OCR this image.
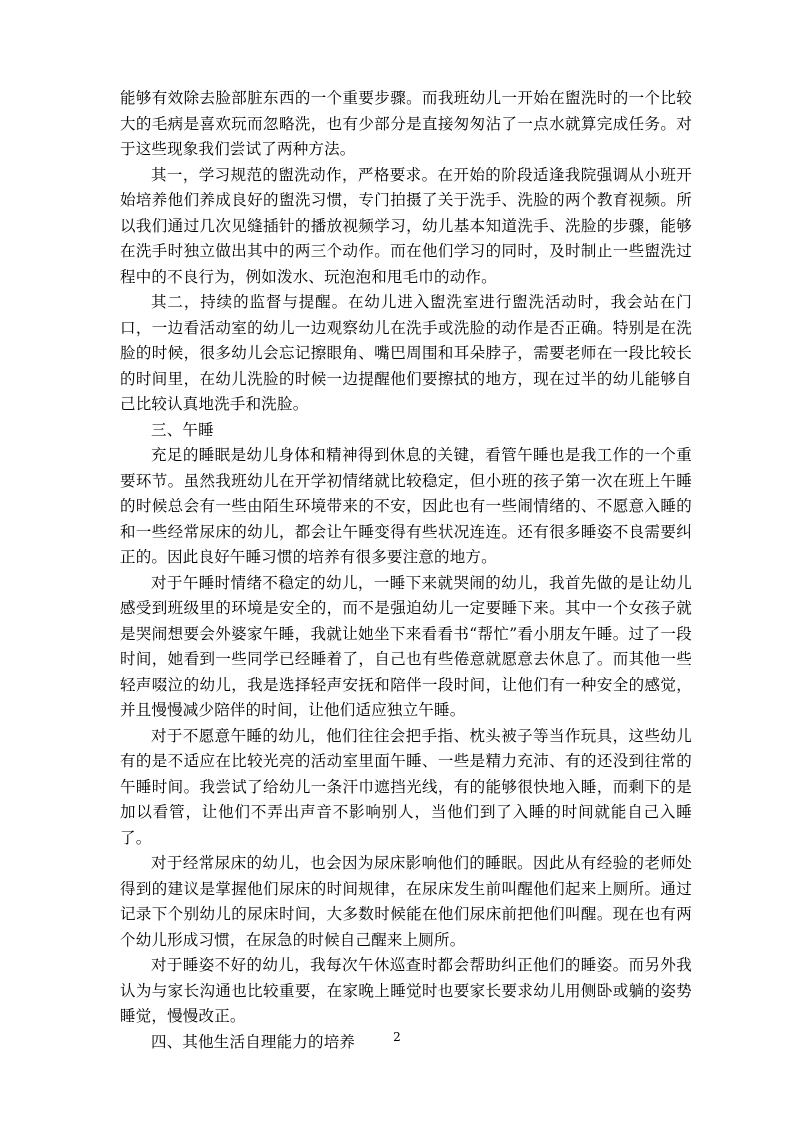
能够有效除去脸部脏东西的一个重要步骤。而我班幼儿一开始在盥洗时的一个比较大的毛病是喜欢玩而忽略洗，也有少部分是直接匆匆沾了一点水就算完成任务。对于这些现象我们尝试了两种方法。

其一，学习规范的盥洗动作，严格要求。在开始的阶段适逢我院强调从小班开始培养他们养成良好的盥洗习惯，专门拍摄了关于洗手、洗脸的两个教育视频。所以我们通过几次见缝插针的播放视频学习，幼儿基本知道洗手、洗脸的步骤，能够在洗手时独立做出其中的两三个动作。而在他们学习的同时，及时制止一些盥洗过程中的不良行为，例如泼水、玩泡泡和甩毛巾的动作。

其二，持续的监督与提醒。在幼儿进入盥洗室进行盥洗活动时，我会站在门口，一边看活动室的幼儿一边观察幼儿在洗手或洗脸的动作是否正确。特别是在洗脸的时候，很多幼儿会忘记擦眼角、嘴巴周围和耳朵脖子，需要老师在一段比较长的时间里，在幼儿洗脸的时候一边提醒他们要擦拭的地方，现在过半的幼儿能够自己比较认真地洗手和洗脸。

三、午睡

充足的睡眠是幼儿身体和精神得到休息的关键，看管午睡也是我工作的一个重要环节。虽然我班幼儿在开学初情绪就比较稳定，但小班的孩子第一次在班上午睡的时候总会有一些由陌生环境带来的不安，因此也有一些闹情绪的、不愿意入睡的和一些经常尿床的幼儿，都会让午睡变得有些状况连连。还有很多睡姿不良需要纠正的。因此良好午睡习惯的培养有很多要注意的地方。

对于午睡时情绪不稳定的幼儿，一睡下来就哭闹的幼儿，我首先做的是让幼儿感受到班级里的环境是安全的，而不是强迫幼儿一定要睡下来。其中一个女孩子就是哭闹想要会外婆家午睡，我就让她坐下来看看书“帮忙”看小朋友午睡。过了一段时间，她看到一些同学已经睡着了，自己也有些倦意就愿意去休息了。而其他一些轻声啜泣的幼儿，我是选择轻声安抚和陪伴一段时间，让他们有一种安全的感觉，并且慢慢减少陪伴的时间，让他们适应独立午睡。

对于不愿意午睡的幼儿，他们往往会把手指、枕头被子等当作玩具，这些幼儿有的是不适应在比较光亮的活动室里面午睡、一些是精力充沛、有的还没到往常的午睡时间。我尝试了给幼儿一条汗巾遮挡光线，有的能够很快地入睡，而剩下的是加以看管，让他们不弄出声音不影响别人，当他们到了入睡的时间就能自己入睡了。

对于经常尿床的幼儿，也会因为尿床影响他们的睡眠。因此从有经验的老师处得到的建议是掌握他们尿床的时间规律，在尿床发生前叫醒他们起来上厕所。通过记录下个别幼儿的尿床时间，大多数时候能在他们尿床前把他们叫醒。现在也有两个幼儿形成习惯，在尿急的时候自己醒来上厕所。

对于睡姿不好的幼儿，我每次午休巡查时都会帮助纠正他们的睡姿。而另外我认为与家长沟通也比较重要，在家晚上睡觉时也要家长要求幼儿用侧卧或躺的姿势睡觉，慢慢改正。

四、其他生活自理能力的培养	2
